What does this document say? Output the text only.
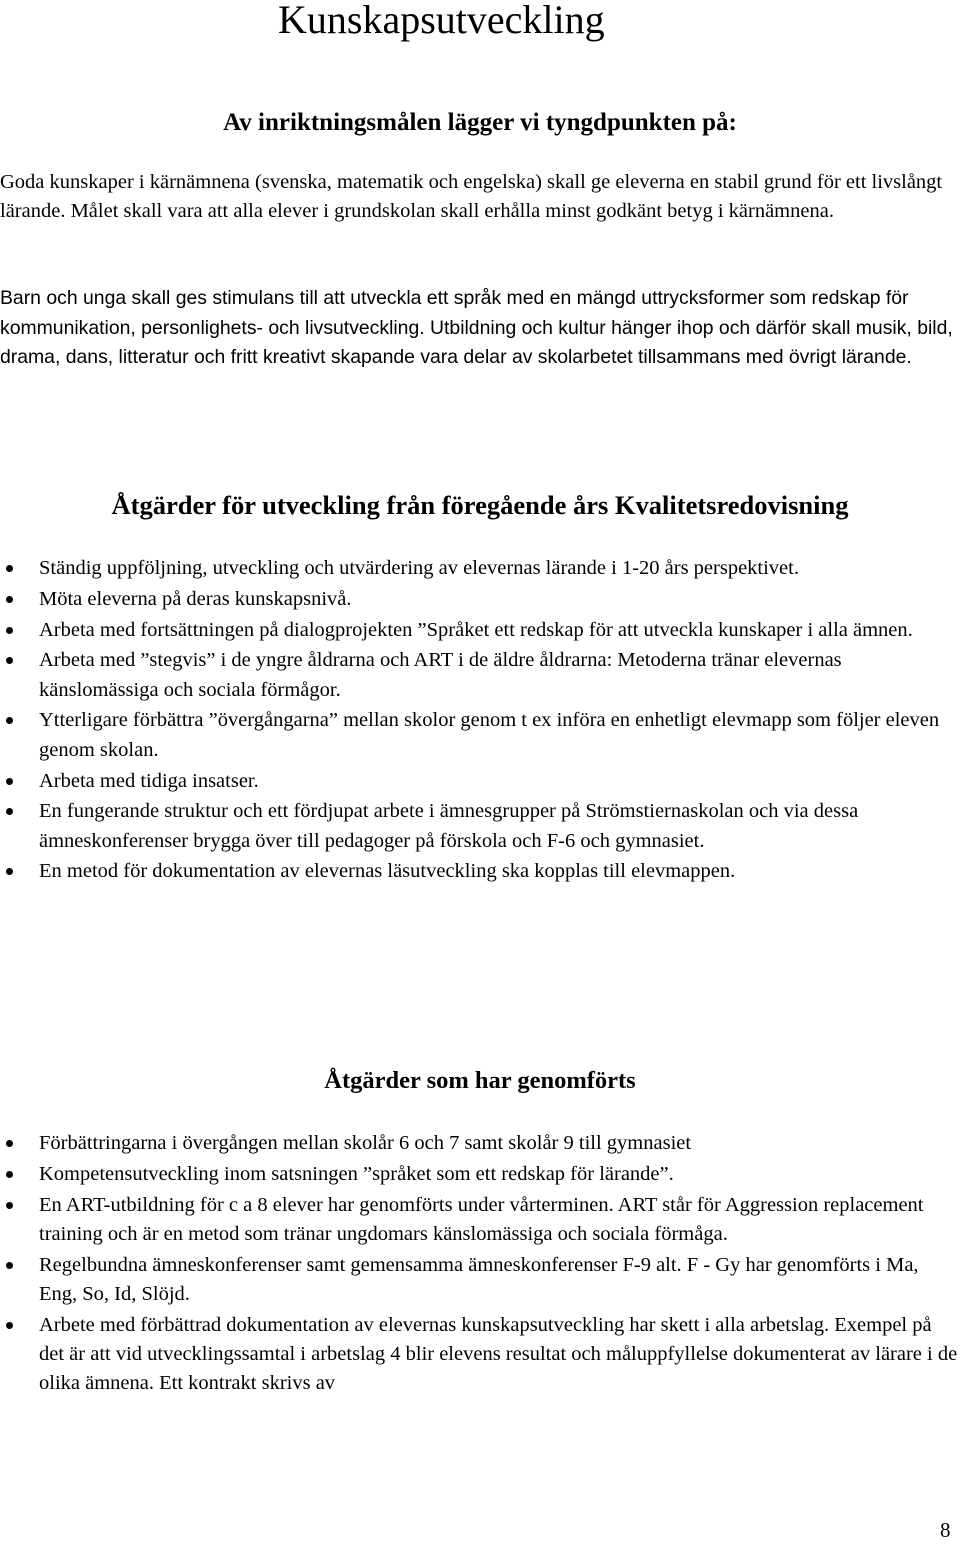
Kunskapsutveckling
Av inriktningsmålen lägger vi tyngdpunkten på:

Goda kunskaper i kärnämnena (svenska, matematik och engelska) skall ge eleverna en stabil grund för ett livslångt lärande. Målet skall vara att alla elever i grundskolan skall erhålla minst godkänt betyg i kärnämnena.

Barn och unga skall ges stimulans till att utveckla ett språk med en mängd uttrycksformer som redskap för kommunikation, personlighets- och livsutveckling. Utbildning och kultur hänger ihop och därför skall musik, bild, drama, dans, litteratur och fritt kreativt skapande vara delar av skolarbetet tillsammans med övrigt lärande.

Åtgärder för utveckling från föregående års Kvalitetsredovisning
Ständig uppföljning, utveckling och utvärdering av elevernas lärande i 1-20 års perspektivet.
Möta eleverna på deras kunskapsnivå.
Arbeta med fortsättningen på dialogprojekten ”Språket ett redskap för att utveckla kunskaper i alla ämnen.
Arbeta med ”stegvis” i de yngre åldrarna och ART i de äldre åldrarna: Metoderna tränar elevernas känslomässiga och sociala förmågor.
Ytterligare förbättra ”övergångarna” mellan skolor genom t ex införa en enhetligt elevmapp som följer eleven genom skolan.
Arbeta med tidiga insatser.
En fungerande struktur och ett fördjupat arbete i ämnesgrupper på Strömstiernaskolan och via dessa ämneskonferenser brygga över till pedagoger på förskola och F-6 och gymnasiet.
En metod för dokumentation av elevernas läsutveckling ska kopplas till elevmappen.
Åtgärder som har genomförts
Förbättringarna i övergången mellan skolår 6 och 7 samt skolår 9 till gymnasiet
Kompetensutveckling inom satsningen ”språket som ett redskap för lärande”.
En ART-utbildning för c a 8 elever har genomförts under vårterminen. ART står för Aggression replacement training och är en metod som tränar ungdomars känslomässiga och sociala förmåga.
Regelbundna ämneskonferenser samt gemensamma ämneskonferenser F-9 alt. F - Gy har genomförts i Ma, Eng, So, Id, Slöjd.
Arbete med förbättrad dokumentation av elevernas kunskapsutveckling har skett i alla arbetslag. Exempel på det är att vid utvecklingssamtal i arbetslag 4 blir elevens resultat och måluppfyllelse dokumenterat av lärare i de olika ämnena. Ett kontrakt skrivs av
8
